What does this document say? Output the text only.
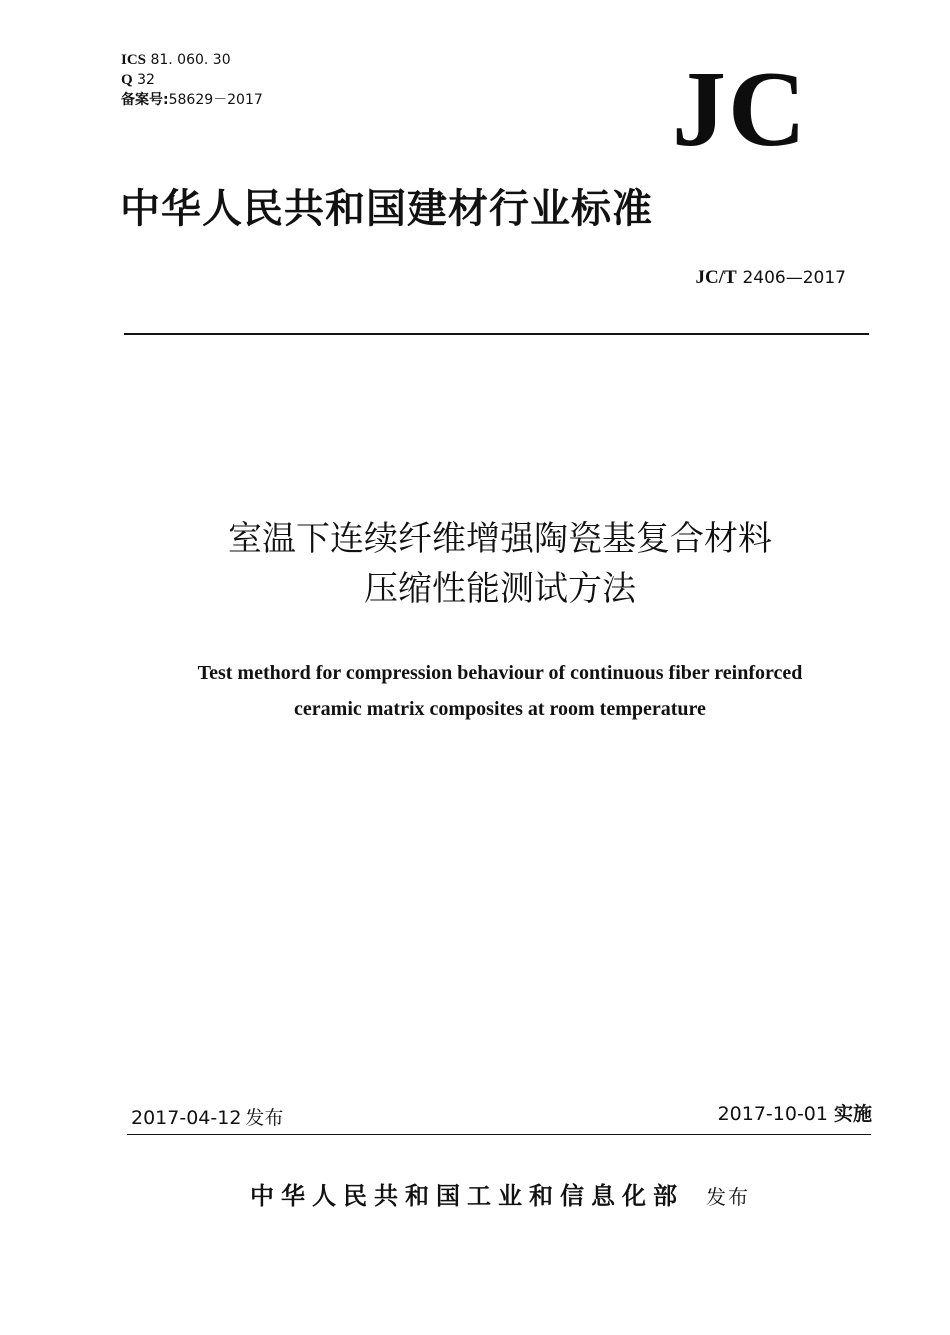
ICS 81. 060. 30
Q 32
备案号:58629－2017	JC
中华人民共和国建材行业标准
JC/T 2406—2017
室温下连续纤维增强陶瓷基复合材料
压缩性能测试方法
Test methord for compression behaviour of continuous fiber reinforced
ceramic matrix composites at room temperature
2017-04-12 发布	2017-10-01 实施
中华人民共和国工业和信息化部 发布
